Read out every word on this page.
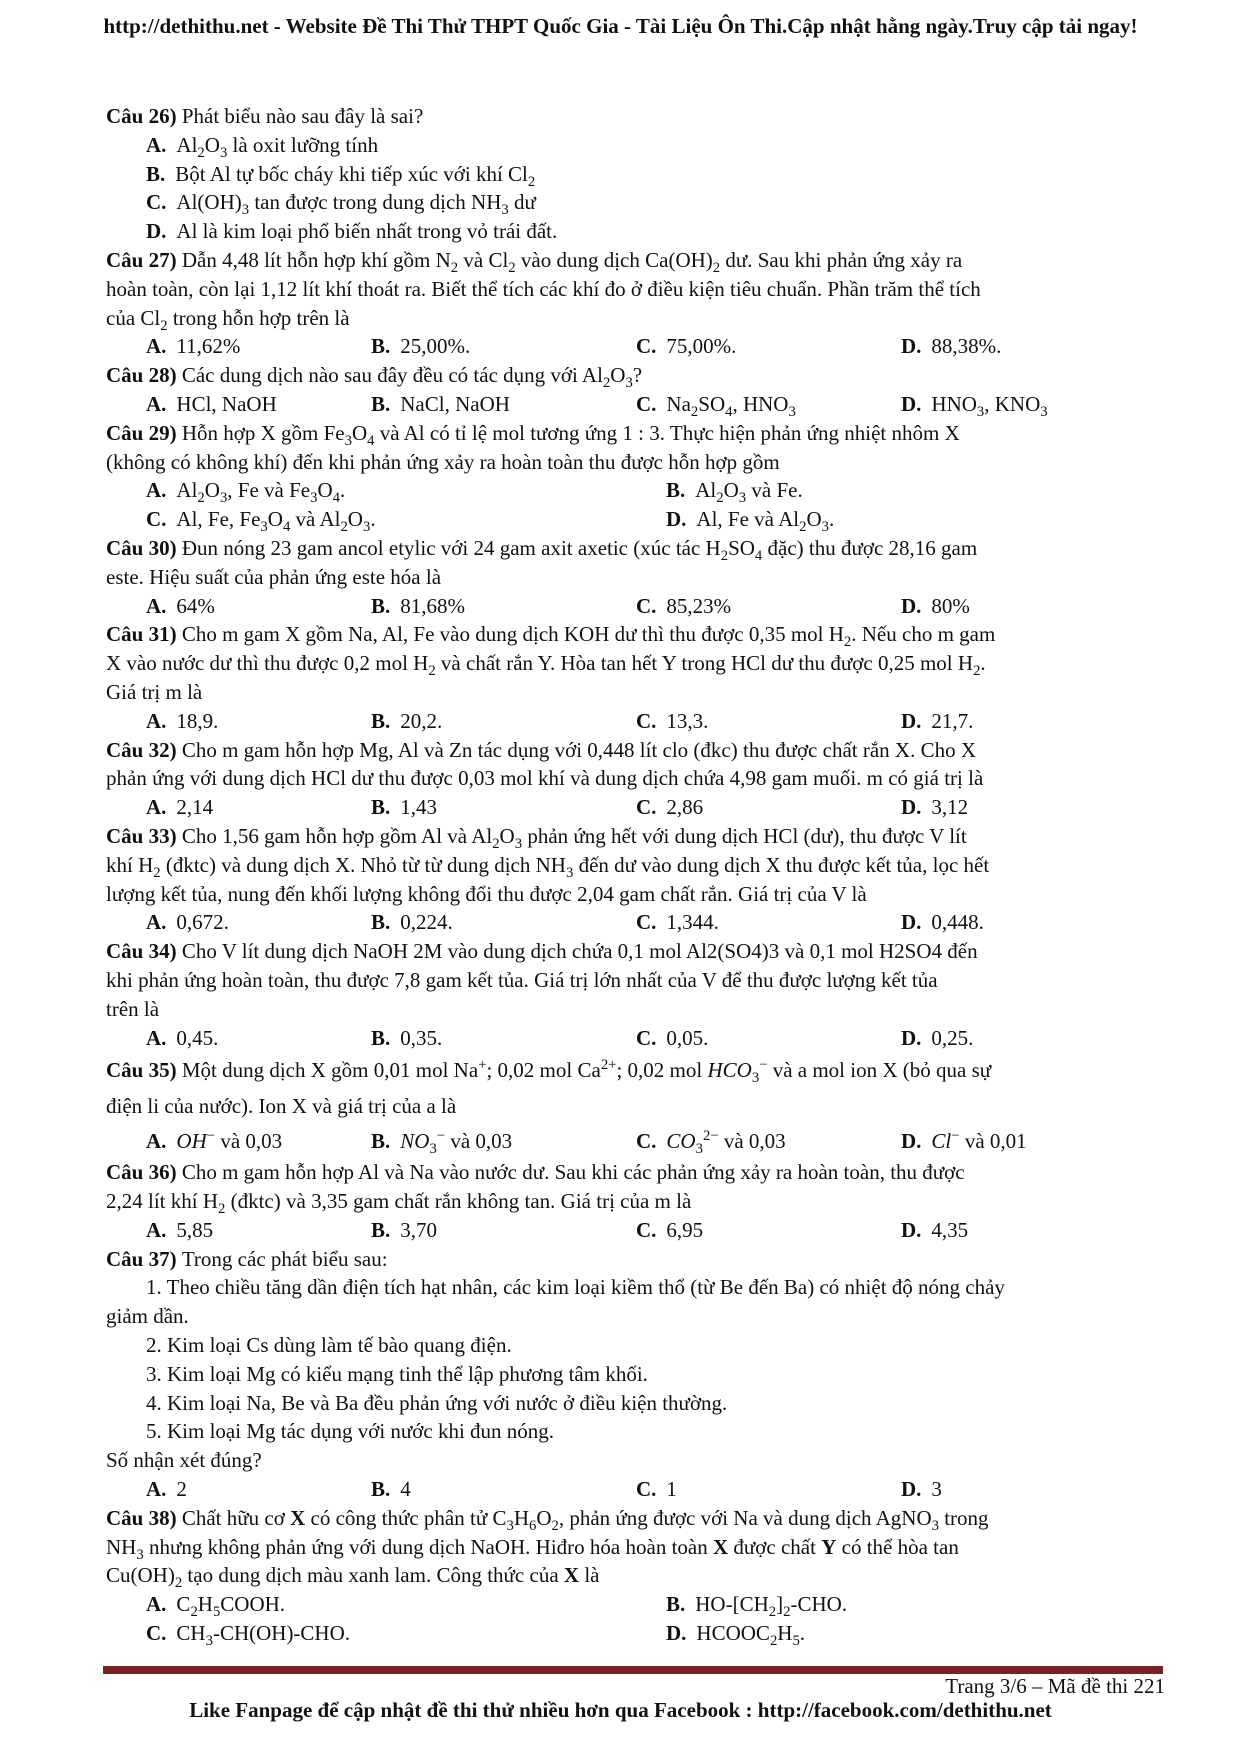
http://dethithu.net - Website Đề Thi Thử THPT Quốc Gia - Tài Liệu Ôn Thi.Cập nhật hằng ngày.Truy cập tải ngay!
Câu 26) Phát biểu nào sau đây là sai?
A. $Al_2O_3$ là oxit lưỡng tính
B. Bột Al tự bốc cháy khi tiếp xúc với khí $Cl_2$
C. $Al(OH)_3$ tan được trong dung dịch $NH_3$ dư
D. Al là kim loại phổ biến nhất trong vỏ trái đất.
Câu 27) Dẫn 4,48 lít hỗn hợp khí gồm $N_2$ và $Cl_2$ vào dung dịch $Ca(OH)_2$ dư. Sau khi phản ứng xảy ra
hoàn toàn, còn lại 1,12 lít khí thoát ra. Biết thể tích các khí đo ở điều kiện tiêu chuẩn. Phần trăm thể tích
của $Cl_2$ trong hỗn hợp trên là
A. 11,62%	B. 25,00%.	C. 75,00%.	D. 88,38%.
Câu 28) Các dung dịch nào sau đây đều có tác dụng với $Al_2O_3$?
A. HCl, NaOH	B. NaCl, NaOH	C. $Na_2SO_4$, $HNO_3$	D. $HNO_3$, $KNO_3$
Câu 29) Hỗn hợp X gồm $Fe_3O_4$ và Al có tỉ lệ mol tương ứng 1 : 3. Thực hiện phản ứng nhiệt nhôm X
(không có không khí) đến khi phản ứng xảy ra hoàn toàn thu được hỗn hợp gồm
A. $Al_2O_3$, Fe và $Fe_3O_4$.	B. $Al_2O_3$ và Fe.
C. Al, Fe, $Fe_3O_4$ và $Al_2O_3$.	D. Al, Fe và $Al_2O_3$.
Câu 30) Đun nóng 23 gam ancol etylic với 24 gam axit axetic (xúc tác $H_2SO_4$ đặc) thu được 28,16 gam
este. Hiệu suất của phản ứng este hóa là
A. 64%	B. 81,68%	C. 85,23%	D. 80%
Câu 31) Cho m gam X gồm Na, Al, Fe vào dung dịch KOH dư thì thu được 0,35 mol $H_2$. Nếu cho m gam
X vào nước dư thì thu được 0,2 mol $H_2$ và chất rắn Y. Hòa tan hết Y trong HCl dư thu được 0,25 mol $H_2$.
Giá trị m là
A. 18,9.	B. 20,2.	C. 13,3.	D. 21,7.
Câu 32) Cho m gam hỗn hợp Mg, Al và Zn tác dụng với 0,448 lít clo (đkc) thu được chất rắn X. Cho X
phản ứng với dung dịch HCl dư thu được 0,03 mol khí và dung dịch chứa 4,98 gam muối. m có giá trị là
A. 2,14	B. 1,43	C. 2,86	D. 3,12
Câu 33) Cho 1,56 gam hỗn hợp gồm Al và $Al_2O_3$ phản ứng hết với dung dịch HCl (dư), thu được V lít
khí $H_2$ (đktc) và dung dịch X. Nhỏ từ từ dung dịch $NH_3$ đến dư vào dung dịch X thu được kết tủa, lọc hết
lượng kết tủa, nung đến khối lượng không đổi thu được 2,04 gam chất rắn. Giá trị của V là
A. 0,672.	B. 0,224.	C. 1,344.	D. 0,448.
Câu 34) Cho V lít dung dịch NaOH 2M vào dung dịch chứa 0,1 mol Al2(SO4)3 và 0,1 mol H2SO4 đến
khi phản ứng hoàn toàn, thu được 7,8 gam kết tủa. Giá trị lớn nhất của V để thu được lượng kết tủa
trên là
A. 0,45.	B. 0,35.	C. 0,05.	D. 0,25.
Câu 35) Một dung dịch X gồm 0,01 mol Na+; 0,02 mol $Ca^{2+}$; 0,02 mol $HCO_3^-$ và a mol ion X (bỏ qua sự
điện li của nước). Ion X và giá trị của a là
A. OH− và 0,03	B. $NO_3^-$ và 0,03	C. $CO_3^{2-}$ và 0,03	D. Cl− và 0,01
Câu 36) Cho m gam hỗn hợp Al và Na vào nước dư. Sau khi các phản ứng xảy ra hoàn toàn, thu được
2,24 lít khí $H_2$ (đktc) và 3,35 gam chất rắn không tan. Giá trị của m là
A. 5,85	B. 3,70	C. 6,95	D. 4,35
Câu 37) Trong các phát biểu sau:
1. Theo chiều tăng dần điện tích hạt nhân, các kim loại kiềm thổ (từ Be đến Ba) có nhiệt độ nóng chảy
giảm dần.
2. Kim loại Cs dùng làm tế bào quang điện.
3. Kim loại Mg có kiểu mạng tinh thể lập phương tâm khối.
4. Kim loại Na, Be và Ba đều phản ứng với nước ở điều kiện thường.
5. Kim loại Mg tác dụng với nước khi đun nóng.
Số nhận xét đúng?
A. 2	B. 4	C. 1	D. 3
Câu 38) Chất hữu cơ X có công thức phân tử $C_3H_6O_2$, phản ứng được với Na và dung dịch AgNO$_3$ trong
$NH_3$ nhưng không phản ứng với dung dịch NaOH. Hiđro hóa hoàn toàn X được chất Y có thể hòa tan
$Cu(OH)_2$ tạo dung dịch màu xanh lam. Công thức của X là
A. $C_2H_5COOH$.	B. $HO-[CH_2]_2$-CHO.
C. $CH_3-CH(OH)$-CHO.	D. $HCOOC_2H_5$.
Trang 3/6 – Mã đề thi 221
Like Fanpage để cập nhật đề thi thử nhiều hơn qua Facebook : http://facebook.com/dethithu.net
